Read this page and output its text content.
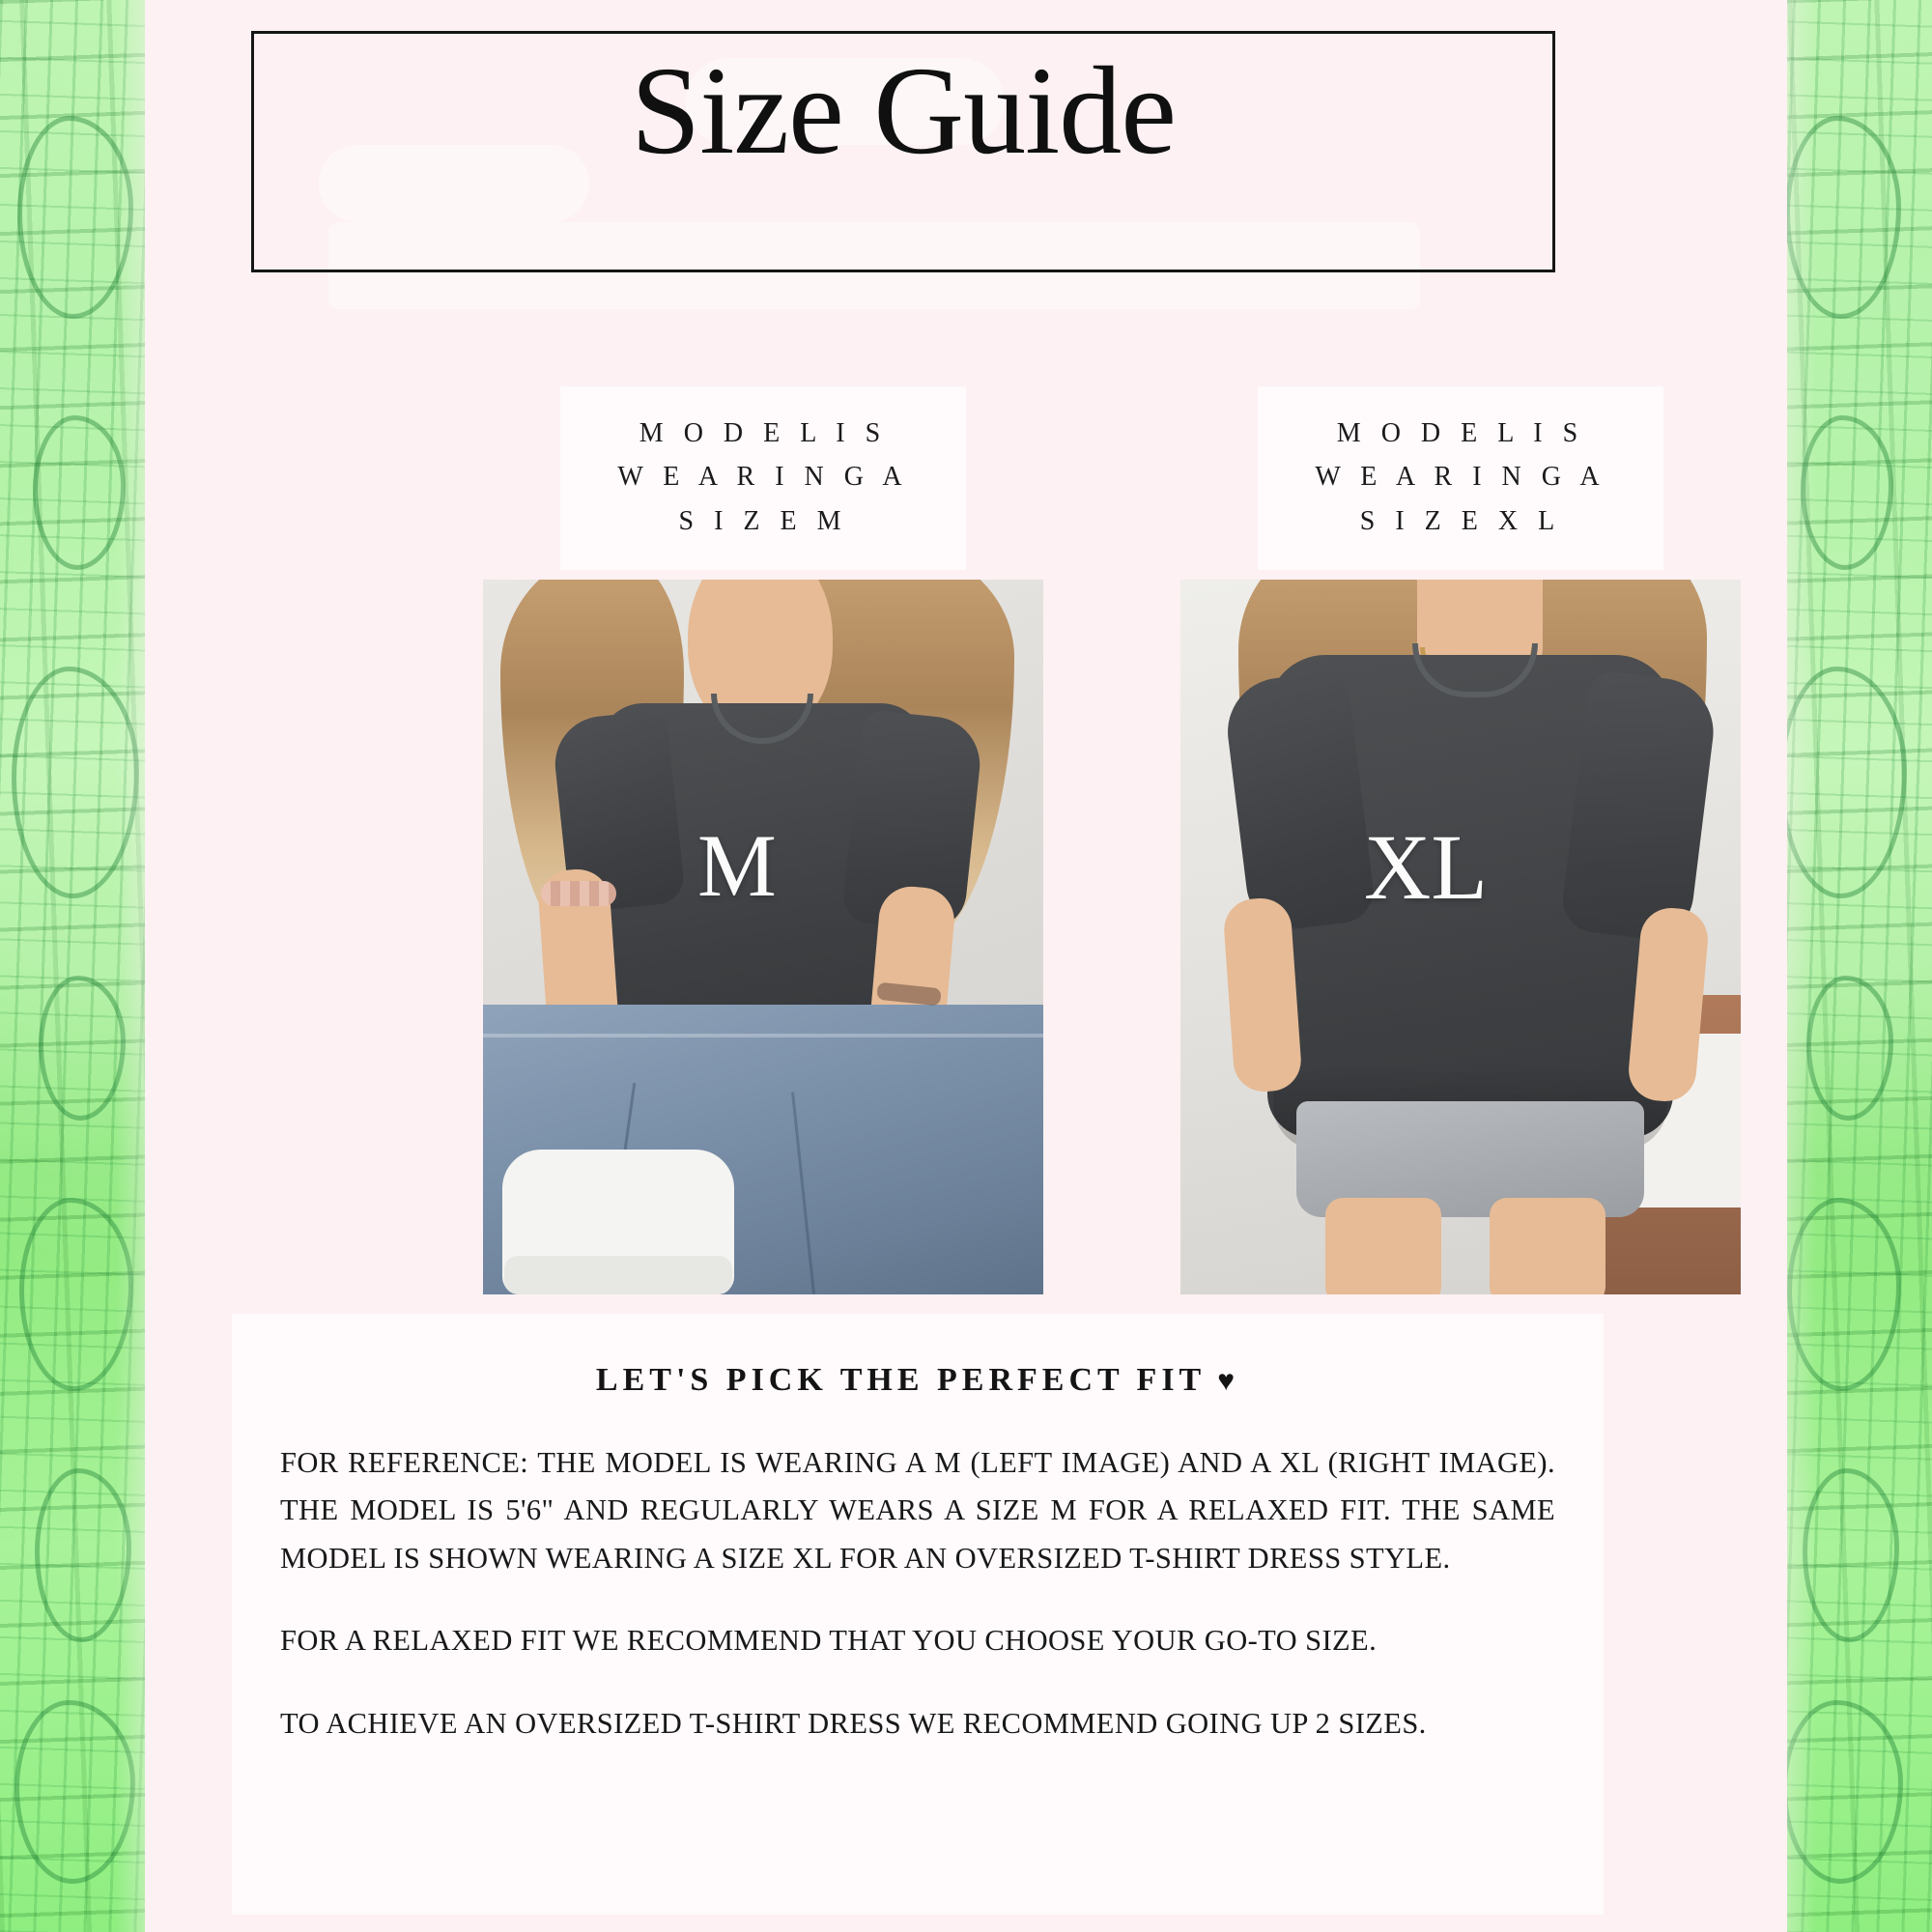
Size Guide
M O D E L I S
W E A R I N G A
S I Z E M
M O D E L I S
W E A R I N G A
S I Z E X L
M	XL
LET'S PICK THE PERFECT FIT ♥

FOR REFERENCE: THE MODEL IS WEARING A M (LEFT IMAGE) AND A XL (RIGHT IMAGE). THE MODEL IS 5'6" AND REGULARLY WEARS A SIZE M FOR A RELAXED FIT. THE SAME MODEL IS SHOWN WEARING A SIZE XL FOR AN OVERSIZED T-SHIRT DRESS STYLE.

FOR A RELAXED FIT WE RECOMMEND THAT YOU CHOOSE YOUR GO-TO SIZE.

TO ACHIEVE AN OVERSIZED T-SHIRT DRESS WE RECOMMEND GOING UP 2 SIZES.
